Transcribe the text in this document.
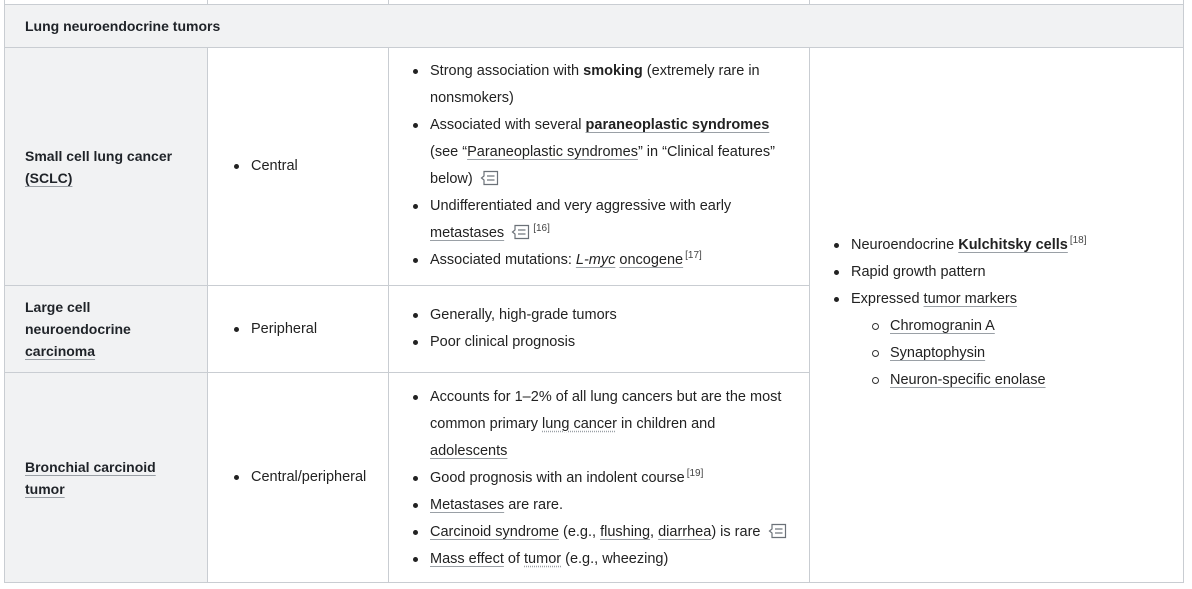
Lung neuroendocrine tumors
Small cell lung cancer
(SCLC)
Central
Strong association with smoking (extremely rare in nonsmokers)
Associated with several paraneoplastic syndromes (see “Paraneoplastic syndromes” in “Clinical features” below)
Undifferentiated and very aggressive with early metastases	[16]
Associated mutations: L-myc oncogene [17]
Large cell
neuroendocrine
carcinoma
Peripheral
Generally, high-grade tumors
Poor clinical prognosis
Bronchial carcinoid
tumor
Central/peripheral
Accounts for 1–2% of all lung cancers but are the most common primary lung cancer in children and adolescents
Good prognosis with an indolent course [19]
Metastases are rare.
Carcinoid syndrome (e.g., flushing, diarrhea) is rare
Mass effect of tumor (e.g., wheezing)
Neuroendocrine Kulchitsky cells [18]
Rapid growth pattern
Expressed tumor markers
Chromogranin A
Synaptophysin
Neuron-specific enolase
